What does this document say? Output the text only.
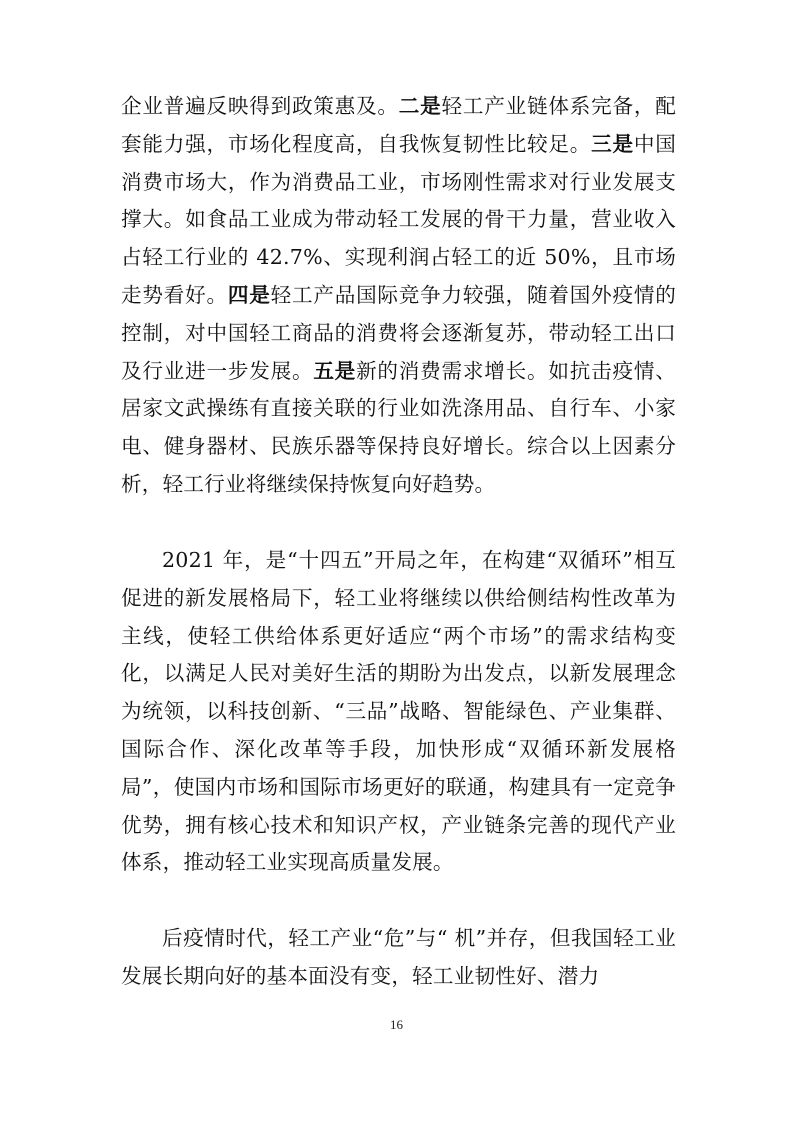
企业普遍反映得到政策惠及。二是轻工产业链体系完备，配套能力强，市场化程度高，自我恢复韧性比较足。三是中国消费市场大，作为消费品工业，市场刚性需求对行业发展支撑大。如食品工业成为带动轻工发展的骨干力量，营业收入占轻工行业的 42.7%、实现利润占轻工的近 50%，且市场走势看好。四是轻工产品国际竞争力较强，随着国外疫情的控制，对中国轻工商品的消费将会逐渐复苏，带动轻工出口及行业进一步发展。五是新的消费需求增长。如抗击疫情、居家文武操练有直接关联的行业如洗涤用品、自行车、小家电、健身器材、民族乐器等保持良好增长。综合以上因素分析，轻工行业将继续保持恢复向好趋势。

2021 年，是“十四五”开局之年，在构建“双循环”相互促进的新发展格局下，轻工业将继续以供给侧结构性改革为主线，使轻工供给体系更好适应“两个市场”的需求结构变化，以满足人民对美好生活的期盼为出发点，以新发展理念为统领，以科技创新、“三品”战略、智能绿色、产业集群、国际合作、深化改革等手段，加快形成“双循环新发展格局”，使国内市场和国际市场更好的联通，构建具有一定竞争优势，拥有核心技术和知识产权，产业链条完善的现代产业体系，推动轻工业实现高质量发展。

后疫情时代，轻工产业“危”与“ 机”并存，但我国轻工业发展长期向好的基本面没有变，轻工业韧性好、潜力

16
